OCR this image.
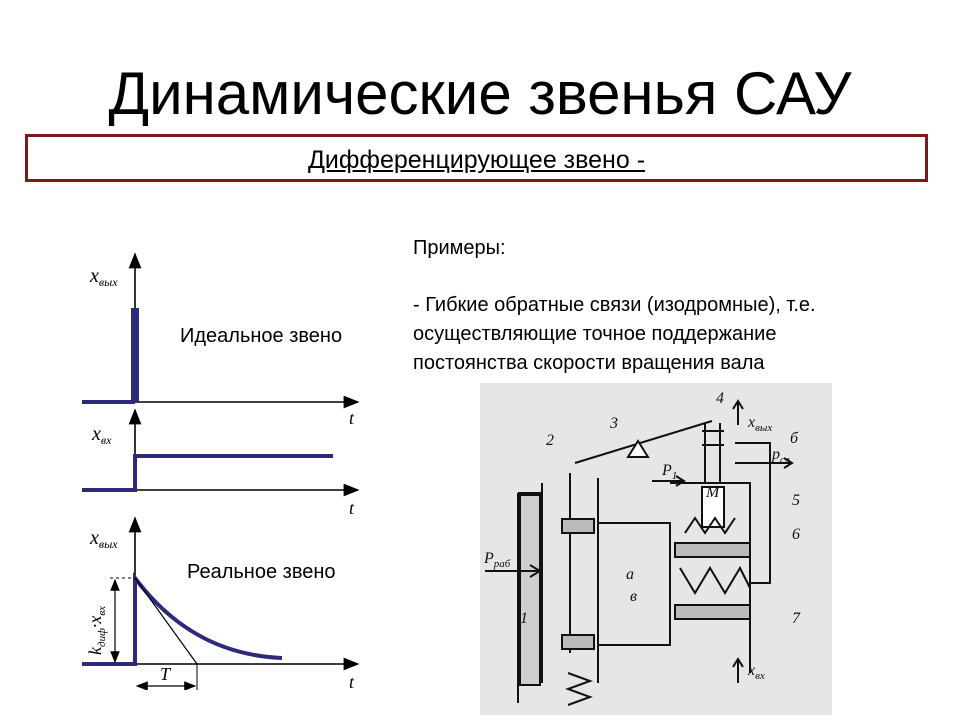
Динамические звенья САУ
Дифференцирующее звено -
$x_{вых}$
t
$x_{вх}$
t
$x_{вых}$
t
T
$k_{диф}\cdot x_{вх}$
Идеальное звено
Реальное звено
Примеры:
- Гибкие обратные связи (изодромные), т.е.
осуществляющие точное поддержание
постоянства скорости вращения вала
1
2
3
4
5
6
7
$x_{вых}$
$x_{вх}$
б
$p_{сл}$
$P_1$
$P_{раб}$
М
а
в
